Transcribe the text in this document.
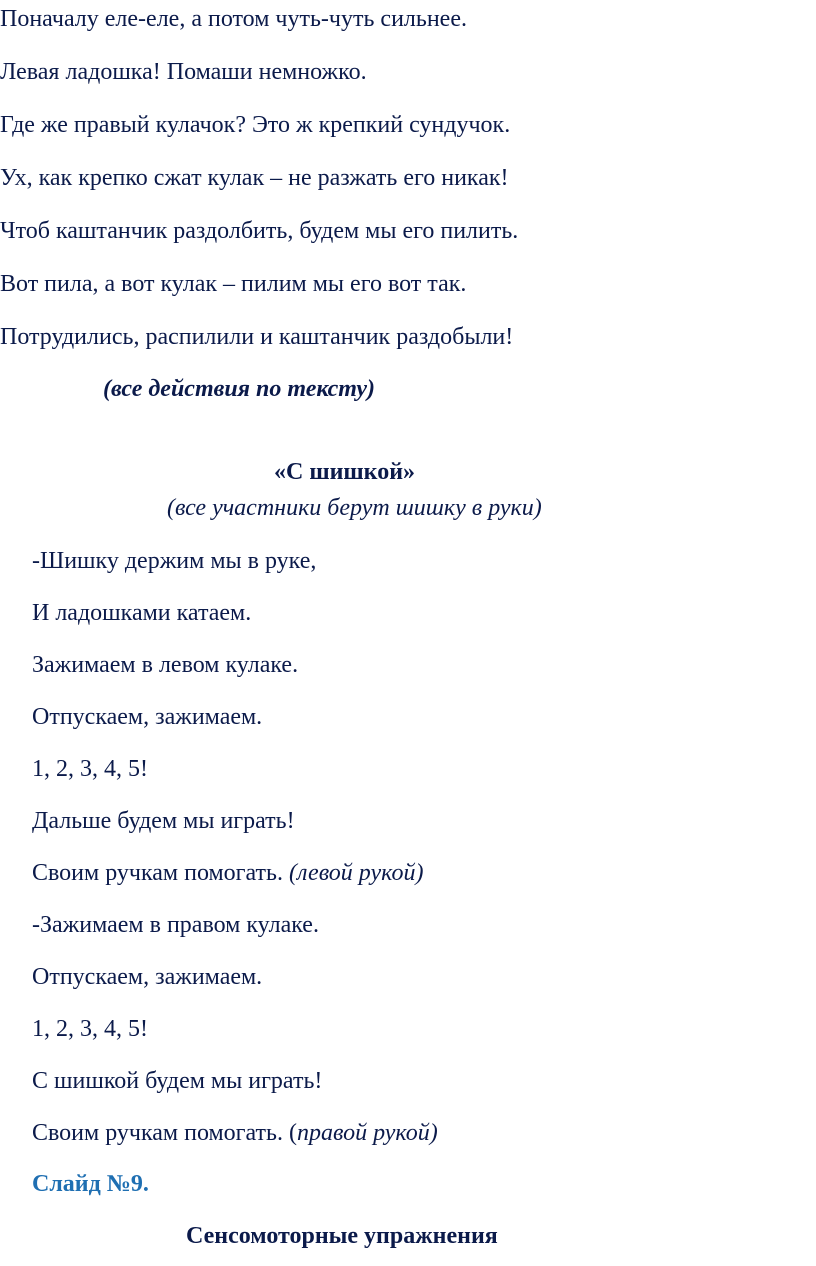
Поначалу еле-еле, а потом чуть-чуть сильнее.
Левая ладошка! Помаши немножко.
Где же правый кулачок? Это ж крепкий сундучок.
Ух, как крепко сжат кулак – не разжать его никак!
Чтоб каштанчик раздолбить, будем мы его пилить.
Вот пила, а вот кулак – пилим мы его вот так.
Потрудились, распилили и каштанчик раздобыли!
(все действия по тексту)
«С шишкой»
(все участники берут шишку в руки)
-Шишку держим мы в руке,
И ладошками катаем.
Зажимаем в левом кулаке.
Отпускаем, зажимаем.
1, 2, 3, 4, 5!
Дальше будем мы играть!
Своим ручкам помогать. (левой рукой)
-Зажимаем в правом кулаке.
Отпускаем, зажимаем.
1, 2, 3, 4, 5!
С шишкой будем мы играть!
Своим ручкам помогать. (правой рукой)
Слайд №9.
Сенсомоторные упражнения
